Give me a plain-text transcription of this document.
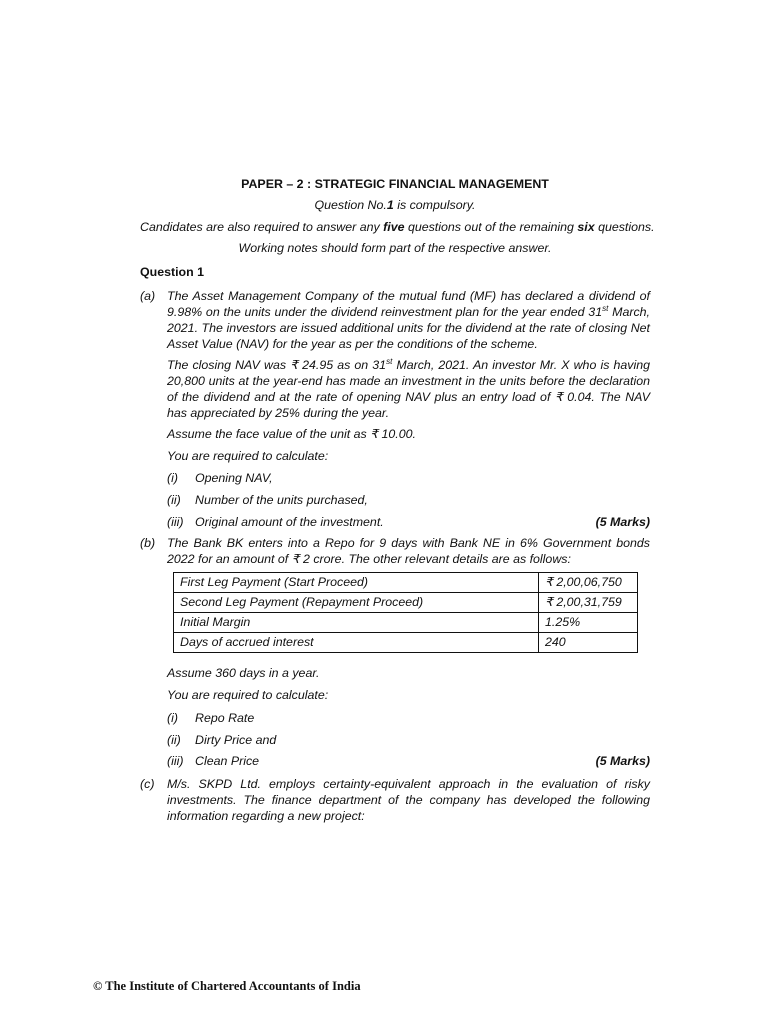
PAPER – 2 : STRATEGIC FINANCIAL MANAGEMENT
Question No.1 is compulsory.
Candidates are also required to answer any five questions out of the remaining six questions.
Working notes should form part of the respective answer.
Question 1
(a) The Asset Management Company of the mutual fund (MF) has declared a dividend of 9.98% on the units under the dividend reinvestment plan for the year ended 31st March, 2021. The investors are issued additional units for the dividend at the rate of closing Net Asset Value (NAV) for the year as per the conditions of the scheme.
The closing NAV was ₹ 24.95 as on 31st March, 2021. An investor Mr. X who is having 20,800 units at the year-end has made an investment in the units before the declaration of the dividend and at the rate of opening NAV plus an entry load of ₹ 0.04. The NAV has appreciated by 25% during the year.
Assume the face value of the unit as ₹ 10.00.
You are required to calculate:
(i) Opening NAV,
(ii) Number of the units purchased,
(iii) Original amount of the investment.	(5 Marks)
(b) The Bank BK enters into a Repo for 9 days with Bank NE in 6% Government bonds 2022 for an amount of ₹ 2 crore. The other relevant details are as follows:
First Leg Payment (Start Proceed)	₹ 2,00,06,750
Second Leg Payment (Repayment Proceed)	₹ 2,00,31,759
Initial Margin	1.25%
Days of accrued interest	240
Assume 360 days in a year.
You are required to calculate:
(i) Repo Rate
(ii) Dirty Price and
(iii) Clean Price	(5 Marks)
(c) M/s. SKPD Ltd. employs certainty-equivalent approach in the evaluation of risky investments. The finance department of the company has developed the following information regarding a new project:
© The Institute of Chartered Accountants of India
